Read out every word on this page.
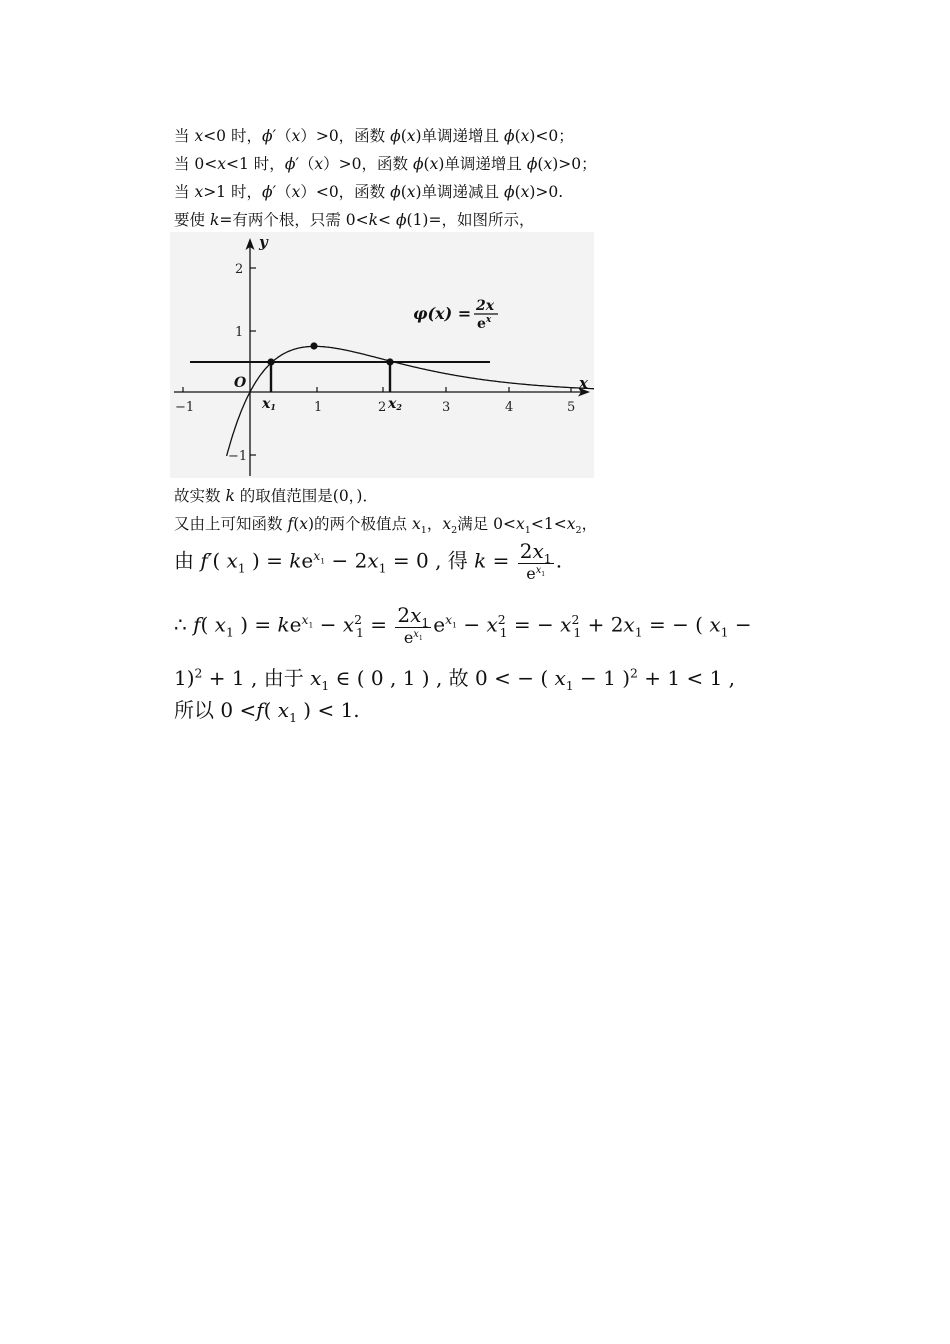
当 x<0 时，ϕ′（x）>0，函数 ϕ(x)单调递增且 ϕ(x)<0；
当 0<x<1 时，ϕ′（x）>0，函数 ϕ(x)单调递增且 ϕ(x)>0；
当 x>1 时，ϕ′（x）<0，函数 ϕ(x)单调递减且 ϕ(x)>0.
要使 k=有两个根，只需 0<k< ϕ(1)=，如图所示，
−1	1	2	3	4	5
2
1
−1
x
y
O
x1	x2
φ(x) = 2x
$e^x$
故实数 k 的取值范围是(0，)．
又由上可知函数 f(x)的两个极值点 $x_1$，$x_2$满足 $0<x_1<1<x_2$，
由 f′( $x_1$ ) = $ke^{x_1} - 2x_1 = 0$ , 得 $k = \frac{2x_1}{e^{x_1}}$ .
∴ f( $x_1$ ) = $ke^{x_1} - x^2_1 = \frac{2x_1}{e^{x_1}} e^{x_1} - x^2_1$ = − $x^2_1 + 2x_1$ = − ( $x_1$ −
1)$^2$ + 1 , 由于 $x_1$ ∈ ( 0 , 1 ) , 故 0 < − ( $x_1 - 1$ )$^2$ + 1 < 1 ,
所以 0 <f( $x_1$ ) < 1.
